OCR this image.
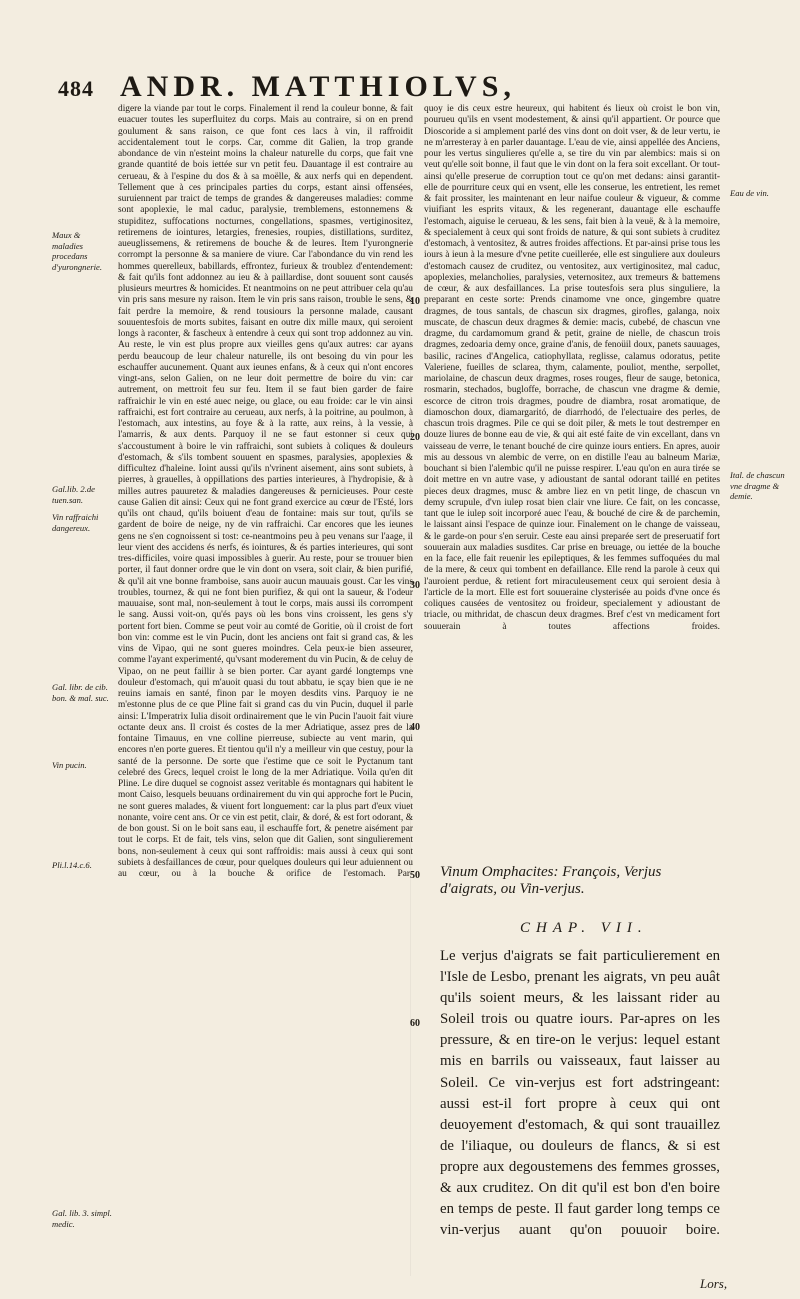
484 ANDR. MATTHIOLVS,
Maux & maladies procedans d'yurongnerie.
Gal.lib. 2.de tuen.san.
Vin raffraichi dangereux.
Gal. libr. de cib. bon. & mal. suc.
Vin pucin.
Pli.l.14.c.6.
Gal. lib. 3. simpl. medic.
Eau de vin.
Ital. de chascun vne dragme & demie.
10
20
30
40
50
60
digere la viande par tout le corps. Finalement il rend la couleur bonne, & fait euacuer toutes les superfluitez du corps. Mais au contraire, si on en prend goulument & sans raison, ce que font ces lacs à vin, il raffroidit accidentalement tout le corps. Car, comme dit Galien, la trop grande abondance de vin n'esteint moins la chaleur naturelle du corps, que fait vne grande quantité de bois iettée sur vn petit feu. Dauantage il est contraire au cerueau, & à l'espine du dos & à sa moëlle, & aux nerfs qui en dependent. Tellement que à ces principales parties du corps, estant ainsi offensées, suruiennent par traict de temps de grandes & dangereuses maladies: comme sont apoplexie, le mal caduc, paralysie, tremblemens, estonnemens & stupiditez, suffocations nocturnes, congellations, spasmes, vertiginositez, retiremens de iointures, letargies, frenesies, roupies, distillations, surditez, aueuglissemens, & retiremens de bouche & de leures. Item l'yurongnerie corrompt la personne & sa maniere de viure. Car l'abondance du vin rend les hommes querelleux, babillards, effrontez, furieux & troublez d'entendement: & fait qu'ils font addonnez au ieu & à paillardise, dont souuent sont causés plusieurs meurtres & homicides. Et neantmoins on ne peut attribuer cela qu'au vin pris sans mesure ny raison. Item le vin pris sans raison, trouble le sens, & fait perdre la memoire, & rend tousiours la personne malade, causant souuentesfois de morts subites, faisant en outre dix mille maux, qui seroient longs à raconter, & fascheux à entendre à ceux qui sont trop addonnez au vin. Au reste, le vin est plus propre aux vieilles gens qu'aux autres: car ayans perdu beaucoup de leur chaleur naturelle, ils ont besoing du vin pour les eschauffer aucunement. Quant aux ieunes enfans, & à ceux qui n'ont encores vingt-ans, selon Galien, on ne leur doit permettre de boire du vin: car autrement, on mettroit feu sur feu. Item il se faut bien garder de faire raffraichir le vin en esté auec neige, ou glace, ou eau froide: car le vin ainsi raffraichi, est fort contraire au cerueau, aux nerfs, à la poitrine, au poulmon, à l'estomach, aux intestins, au foye & à la ratte, aux reins, à la vessie, à l'amarris, & aux dents. Parquoy il ne se faut estonner si ceux qui s'accoustument à boire le vin raffraichi, sont subiets à coliques & douleurs d'estomach, & s'ils tombent souuent en spasmes, paralysies, apoplexies & difficultez d'haleine. Ioint aussi qu'ils n'vrinent aisement, ains sont subiets, à pierres, à grauelles, à oppillations des parties interieures, à l'hydropisie, & à milles autres pauuretez & maladies dangereuses & pernicieuses. Pour ceste cause Galien dit ainsi: Ceux qui ne font grand exercice au cœur de l'Esté, lors qu'ils ont chaud, qu'ils boiuent d'eau de fontaine: mais sur tout, qu'ils se gardent de boire de neige, ny de vin raffraichi. Car encores que les ieunes gens ne s'en cognoissent si tost: ce-neantmoins peu à peu venans sur l'aage, il leur vient des accidens és nerfs, és iointures, & és parties interieures, qui sont tres-difficiles, voire quasi impossibles à guerir. Au reste, pour se trouuer bien porter, il faut donner ordre que le vin dont on vsera, soit clair, & bien purifié, & qu'il ait vne bonne framboise, sans auoir aucun mauuais goust. Car les vins troubles, tournez, & qui ne font bien purifiez, & qui ont la saueur, & l'odeur mauuaise, sont mal, non-seulement à tout le corps, mais aussi ils corrompent le sang. Aussi voit-on, qu'és pays où les bons vins croissent, les gens s'y portent fort bien. Comme se peut voir au comté de Goritie, où il croist de fort bon vin: comme est le vin Pucin, dont les anciens ont fait si grand cas, & les vins de Vipao, qui ne sont gueres moindres. Cela peux-ie bien asseurer, comme l'ayant experimenté, qu'vsant moderement du vin Pucin, & de celuy de Vipao, on ne peut faillir à se bien porter. Car ayant gardé longtemps vne douleur d'estomach, qui m'auoit quasi du tout abbatu, ie sçay bien que ie ne reuins iamais en santé, finon par le moyen desdits vins. Parquoy ie ne m'estonne plus de ce que Pline fait si grand cas du vin Pucin, duquel il parle ainsi: L'Imperatrix Iulia disoit ordinairement que le vin Pucin l'auoit fait viure octante deux ans. Il croist és costes de la mer Adriatique, assez pres de la fontaine Timauus, en vne colline pierreuse, subiecte au vent marin, qui encores n'en porte gueres. Et tientou qu'il n'y a meilleur vin que cestuy, pour la santé de la personne. De sorte que i'estime que ce soit le Pyctanum tant celebré des Grecs, lequel croist le long de la mer Adriatique. Voila qu'en dit Pline. Le dire duquel se cognoist assez veritable és montagnars qui habitent le mont Caiso, lesquels beuuans ordinairement du vin qui approche fort le Pucin, ne sont gueres malades, & viuent fort longuement: car la plus part d'eux viuet nonante, voire cent ans. Or ce vin est petit, clair, & doré, & est fort odorant, & de bon goust. Si on le boit sans eau, il eschauffe fort, & penetre aisément par tout le corps. Et de fait, tels vins, selon que dit Galien, sont singulierement bons, non-seulement à ceux qui sont raffroidis: mais aussi à ceux qui sont subiets à desfaillances de cœur, pour quelques douleurs qui leur aduiennent ou au cœur, ou à la bouche & orifice de l'estomach. Par-
quoy ie dis ceux estre heureux, qui habitent és lieux où croist le bon vin, pourueu qu'ils en vsent modestement, & ainsi qu'il appartient. Or pource que Dioscoride a si amplement parlé des vins dont on doit vser, & de leur vertu, ie ne m'arresteray à en parler dauantage. L'eau de vie, ainsi appellée des Anciens, pour les vertus singulieres qu'elle a, se tire du vin par alembics: mais si on veut qu'elle soit bonne, il faut que le vin dont on la fera soit excellant. Or tout-ainsi qu'elle preserue de corruption tout ce qu'on met dedans: ainsi garantit-elle de pourriture ceux qui en vsent, elle les conserue, les entretient, les remet & fait prossiter, les maintenant en leur naifue couleur & vigueur, & comme viuifiant les esprits vitaux, & les regenerant, dauantage elle eschauffe l'estomach, aiguise le cerueau, & les sens, fait bien à la veuë, & à la memoire, & specialement à ceux qui sont froids de nature, & qui sont subiets à cruditez d'estomach, à ventositez, & autres froides affections. Et par-ainsi prise tous les iours à ieun à la mesure d'vne petite cueillerée, elle est singuliere aux douleurs d'estomach causez de cruditez, ou ventositez, aux vertiginositez, mal caduc, apoplexies, melancholies, paralysies, veternositez, aux tremeurs & battemens de cœur, & aux desfaillances. La prise toutesfois sera plus singuliere, la preparant en ceste sorte: Prends cinamome vne once, gingembre quatre dragmes, de tous santals, de chascun six dragmes, girofles, galanga, noix muscate, de chascun deux dragmes & demie: macis, cubebé, de chascun vne dragme, du cardamomum grand & petit, graine de nielle, de chascun trois dragmes, zedoaria demy once, graine d'anis, de fenoüil doux, panets sauuages, basilic, racines d'Angelica, catiophyllata, reglisse, calamus odoratus, petite Valeriene, fueilles de sclarea, thym, calamente, pouliot, menthe, serpollet, mariolaine, de chascun deux dragmes, roses rouges, fleur de sauge, betonica, rosmarin, stechados, bugloffe, borrache, de chascun vne dragme & demie, escorce de citron trois dragmes, poudre de diambra, rosat aromatique, de diamoschon doux, diamargaritó, de diarrhodó, de l'electuaire des perles, de chascun trois dragmes. Pile ce qui se doit piler, & mets le tout destremper en douze liures de bonne eau de vie, & qui ait esté faite de vin excellant, dans vn vaisseau de verre, le tenant bouché de cire quinze iours entiers. En apres, auoir mis au dessous vn alembic de verre, on en distille l'eau au balneum Mariæ, bouchant si bien l'alembic qu'il ne puisse respirer. L'eau qu'on en aura tirée se doit mettre en vn autre vase, y adioustant de santal odorant taillé en petites pieces deux dragmes, musc & ambre liez en vn petit linge, de chascun vn demy scrupule, d'vn iulep rosat bien clair vne liure. Ce fait, on les concasse, tant que le iulep soit incorporé auec l'eau, & bouché de cire & de parchemin, le laissant ainsi l'espace de quinze iour. Finalement on le change de vaisseau, & le garde-on pour s'en seruir. Ceste eau ainsi preparée sert de preseruatif fort souuerain aux maladies susdites. Car prise en breuage, ou iettée de la bouche en la face, elle fait reuenir les epileptiques, & les femmes suffoquées du mal de la mere, & ceux qui tombent en defaillance. Elle rend la parole à ceux qui l'auroient perdue, & retient fort miraculeusement ceux qui seroient desia à l'article de la mort. Elle est fort souueraine clysterisée au poids d'vne once és coliques causées de ventositez ou froideur, specialement y adioustant de triacle, ou mithridat, de chascun deux dragmes. Bref c'est vn medicament fort souuerain à toutes affections froides.
Vinum Omphacites: François, Verjus d'aigrats, ou Vin-verjus.
CHAP. VII.
Le verjus d'aigrats se fait particulierement en l'Isle de Lesbo, prenant les aigrats, vn peu auât qu'ils soient meurs, & les laissant rider au Soleil trois ou quatre iours. Par-apres on les pressure, & en tire-on le verjus: lequel estant mis en barrils ou vaisseaux, faut laisser au Soleil. Ce vin-verjus est fort adstringeant: aussi est-il fort propre à ceux qui ont deuoyement d'estomach, & qui sont trauaillez de l'iliaque, ou douleurs de flancs, & si est propre aux degoustemens des femmes grosses, & aux cruditez. On dit qu'il est bon d'en boire en temps de peste. Il faut garder long temps ce vin-verjus auant qu'on pouuoir boire.
Lors,
